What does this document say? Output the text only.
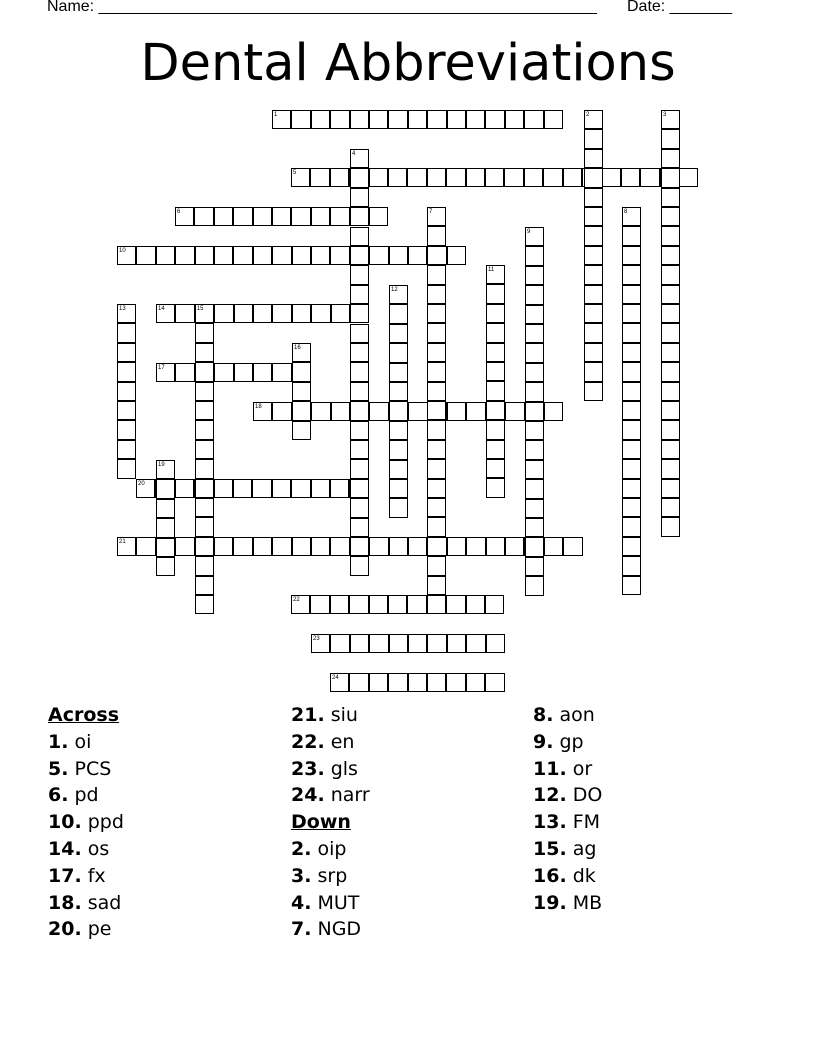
Name: ________________________________________________________ Date: _______
Dental Abbreviations
1
5
6
10
14	15
17
18
20
21
22
23
24
2	3
4
7	8
9
11
12
13
16
19
Across
1. oi
5. PCS
6. pd
10. ppd
14. os
17. fx
18. sad
20. pe
21. siu
22. en
23. gls
24. narr
Down
2. oip
3. srp
4. MUT
7. NGD
8. aon
9. gp
11. or
12. DO
13. FM
15. ag
16. dk
19. MB
